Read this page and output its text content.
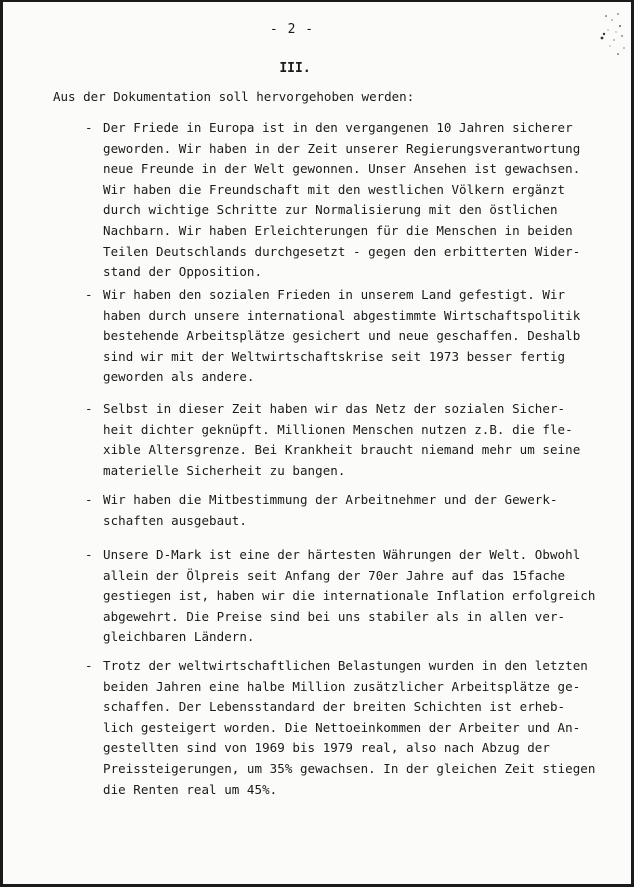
- 2 -
III.
Aus der Dokumentation soll hervorgehoben werden:
- Der Friede in Europa ist in den vergangenen 10 Jahren sicherer
geworden. Wir haben in der Zeit unserer Regierungsverantwortung
neue Freunde in der Welt gewonnen. Unser Ansehen ist gewachsen.
Wir haben die Freundschaft mit den westlichen Völkern ergänzt
durch wichtige Schritte zur Normalisierung mit den östlichen
Nachbarn. Wir haben Erleichterungen für die Menschen in beiden
Teilen Deutschlands durchgesetzt - gegen den erbitterten Wider-
stand der Opposition.
- Wir haben den sozialen Frieden in unserem Land gefestigt. Wir
haben durch unsere international abgestimmte Wirtschaftspolitik
bestehende Arbeitsplätze gesichert und neue geschaffen. Deshalb
sind wir mit der Weltwirtschaftskrise seit 1973 besser fertig
geworden als andere.
- Selbst in dieser Zeit haben wir das Netz der sozialen Sicher-
heit dichter geknüpft. Millionen Menschen nutzen z.B. die fle-
xible Altersgrenze. Bei Krankheit braucht niemand mehr um seine
materielle Sicherheit zu bangen.
- Wir haben die Mitbestimmung der Arbeitnehmer und der Gewerk-
schaften ausgebaut.
- Unsere D-Mark ist eine der härtesten Währungen der Welt. Obwohl
allein der Ölpreis seit Anfang der 70er Jahre auf das 15fache
gestiegen ist, haben wir die internationale Inflation erfolgreich
abgewehrt. Die Preise sind bei uns stabiler als in allen ver-
gleichbaren Ländern.
- Trotz der weltwirtschaftlichen Belastungen wurden in den letzten
beiden Jahren eine halbe Million zusätzlicher Arbeitsplätze ge-
schaffen. Der Lebensstandard der breiten Schichten ist erheb-
lich gesteigert worden. Die Nettoeinkommen der Arbeiter und An-
gestellten sind von 1969 bis 1979 real, also nach Abzug der
Preissteigerungen, um 35% gewachsen. In der gleichen Zeit stiegen
die Renten real um 45%.
